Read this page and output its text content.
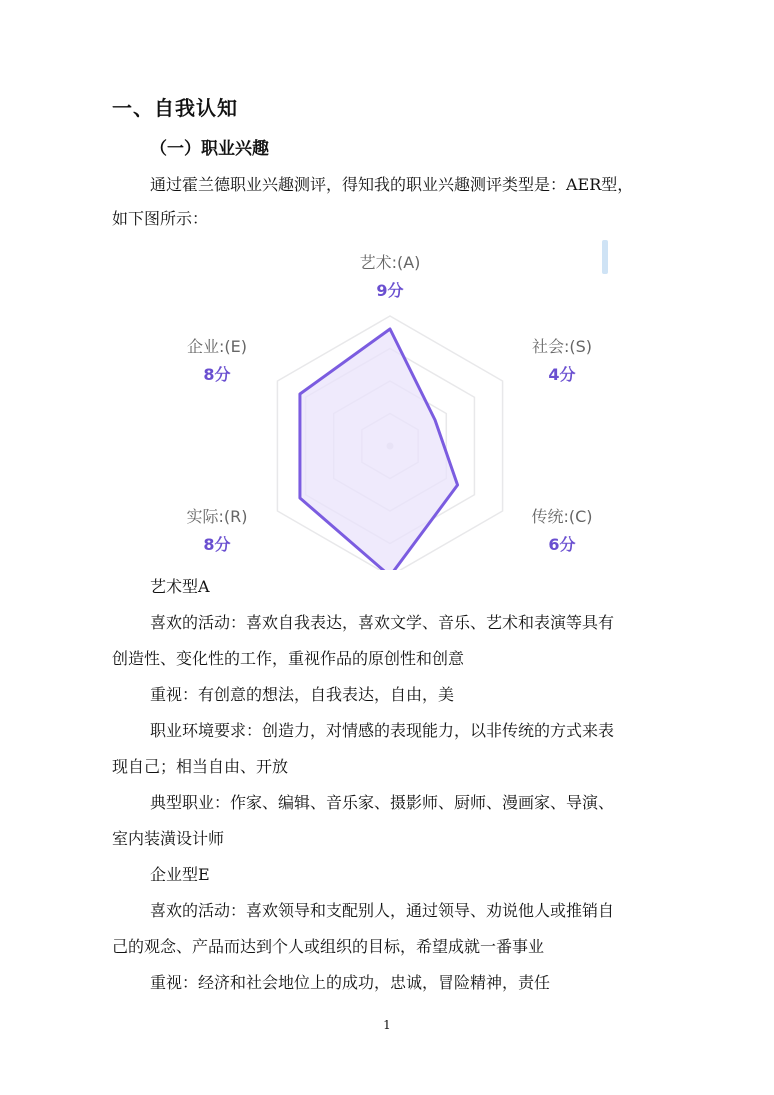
一、自我认知
（一）职业兴趣
通过霍兰德职业兴趣测评，得知我的职业兴趣测评类型是：AER型，
如下图所示：
艺术:(A)
9分
社会:(S)
4分
传统:(C)
6分
实际:(R)
8分
企业:(E)
8分
艺术型A
喜欢的活动：喜欢自我表达，喜欢文学、音乐、艺术和表演等具有
创造性、变化性的工作，重视作品的原创性和创意
重视：有创意的想法，自我表达，自由，美
职业环境要求：创造力，对情感的表现能力，以非传统的方式来表
现自己；相当自由、开放
典型职业：作家、编辑、音乐家、摄影师、厨师、漫画家、导演、
室内装潢设计师
企业型E
喜欢的活动：喜欢领导和支配别人，通过领导、劝说他人或推销自
己的观念、产品而达到个人或组织的目标，希望成就一番事业
重视：经济和社会地位上的成功，忠诚，冒险精神，责任
1
